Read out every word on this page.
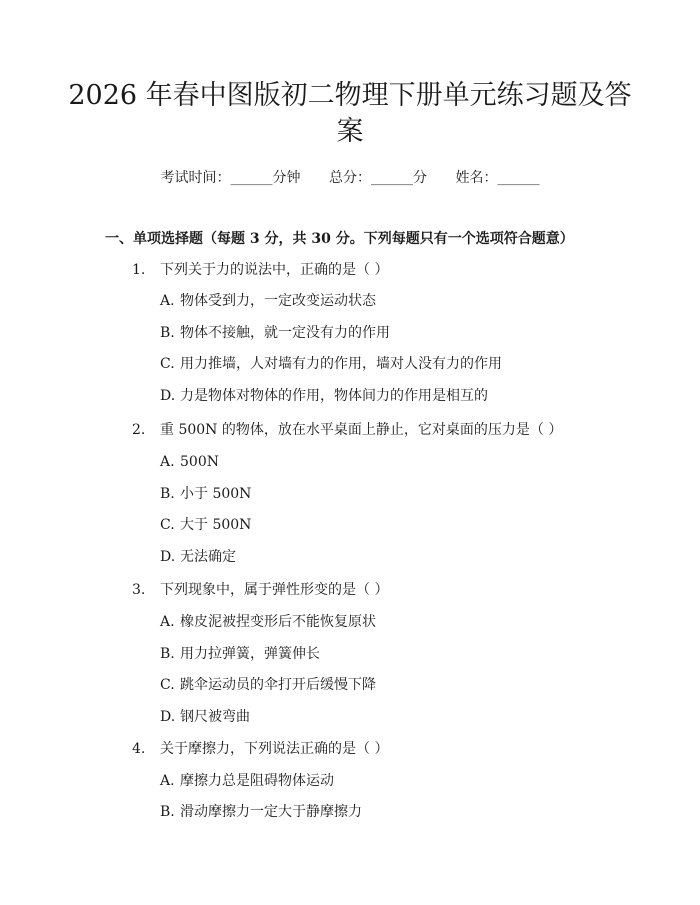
2026 年春中图版初二物理下册单元练习题及答案
考试时间：______分钟 总分：______分 姓名：______
一、单项选择题（每题 3 分，共 30 分。下列每题只有一个选项符合题意）
1. 下列关于力的说法中，正确的是（ ）
A. 物体受到力，一定改变运动状态
B. 物体不接触，就一定没有力的作用
C. 用力推墙，人对墙有力的作用，墙对人没有力的作用
D. 力是物体对物体的作用，物体间力的作用是相互的
2. 重 500N 的物体，放在水平桌面上静止，它对桌面的压力是（ ）
A. 500N
B. 小于 500N
C. 大于 500N
D. 无法确定
3. 下列现象中，属于弹性形变的是（ ）
A. 橡皮泥被捏变形后不能恢复原状
B. 用力拉弹簧，弹簧伸长
C. 跳伞运动员的伞打开后缓慢下降
D. 钢尺被弯曲
4. 关于摩擦力，下列说法正确的是（ ）
A. 摩擦力总是阻碍物体运动
B. 滑动摩擦力一定大于静摩擦力
